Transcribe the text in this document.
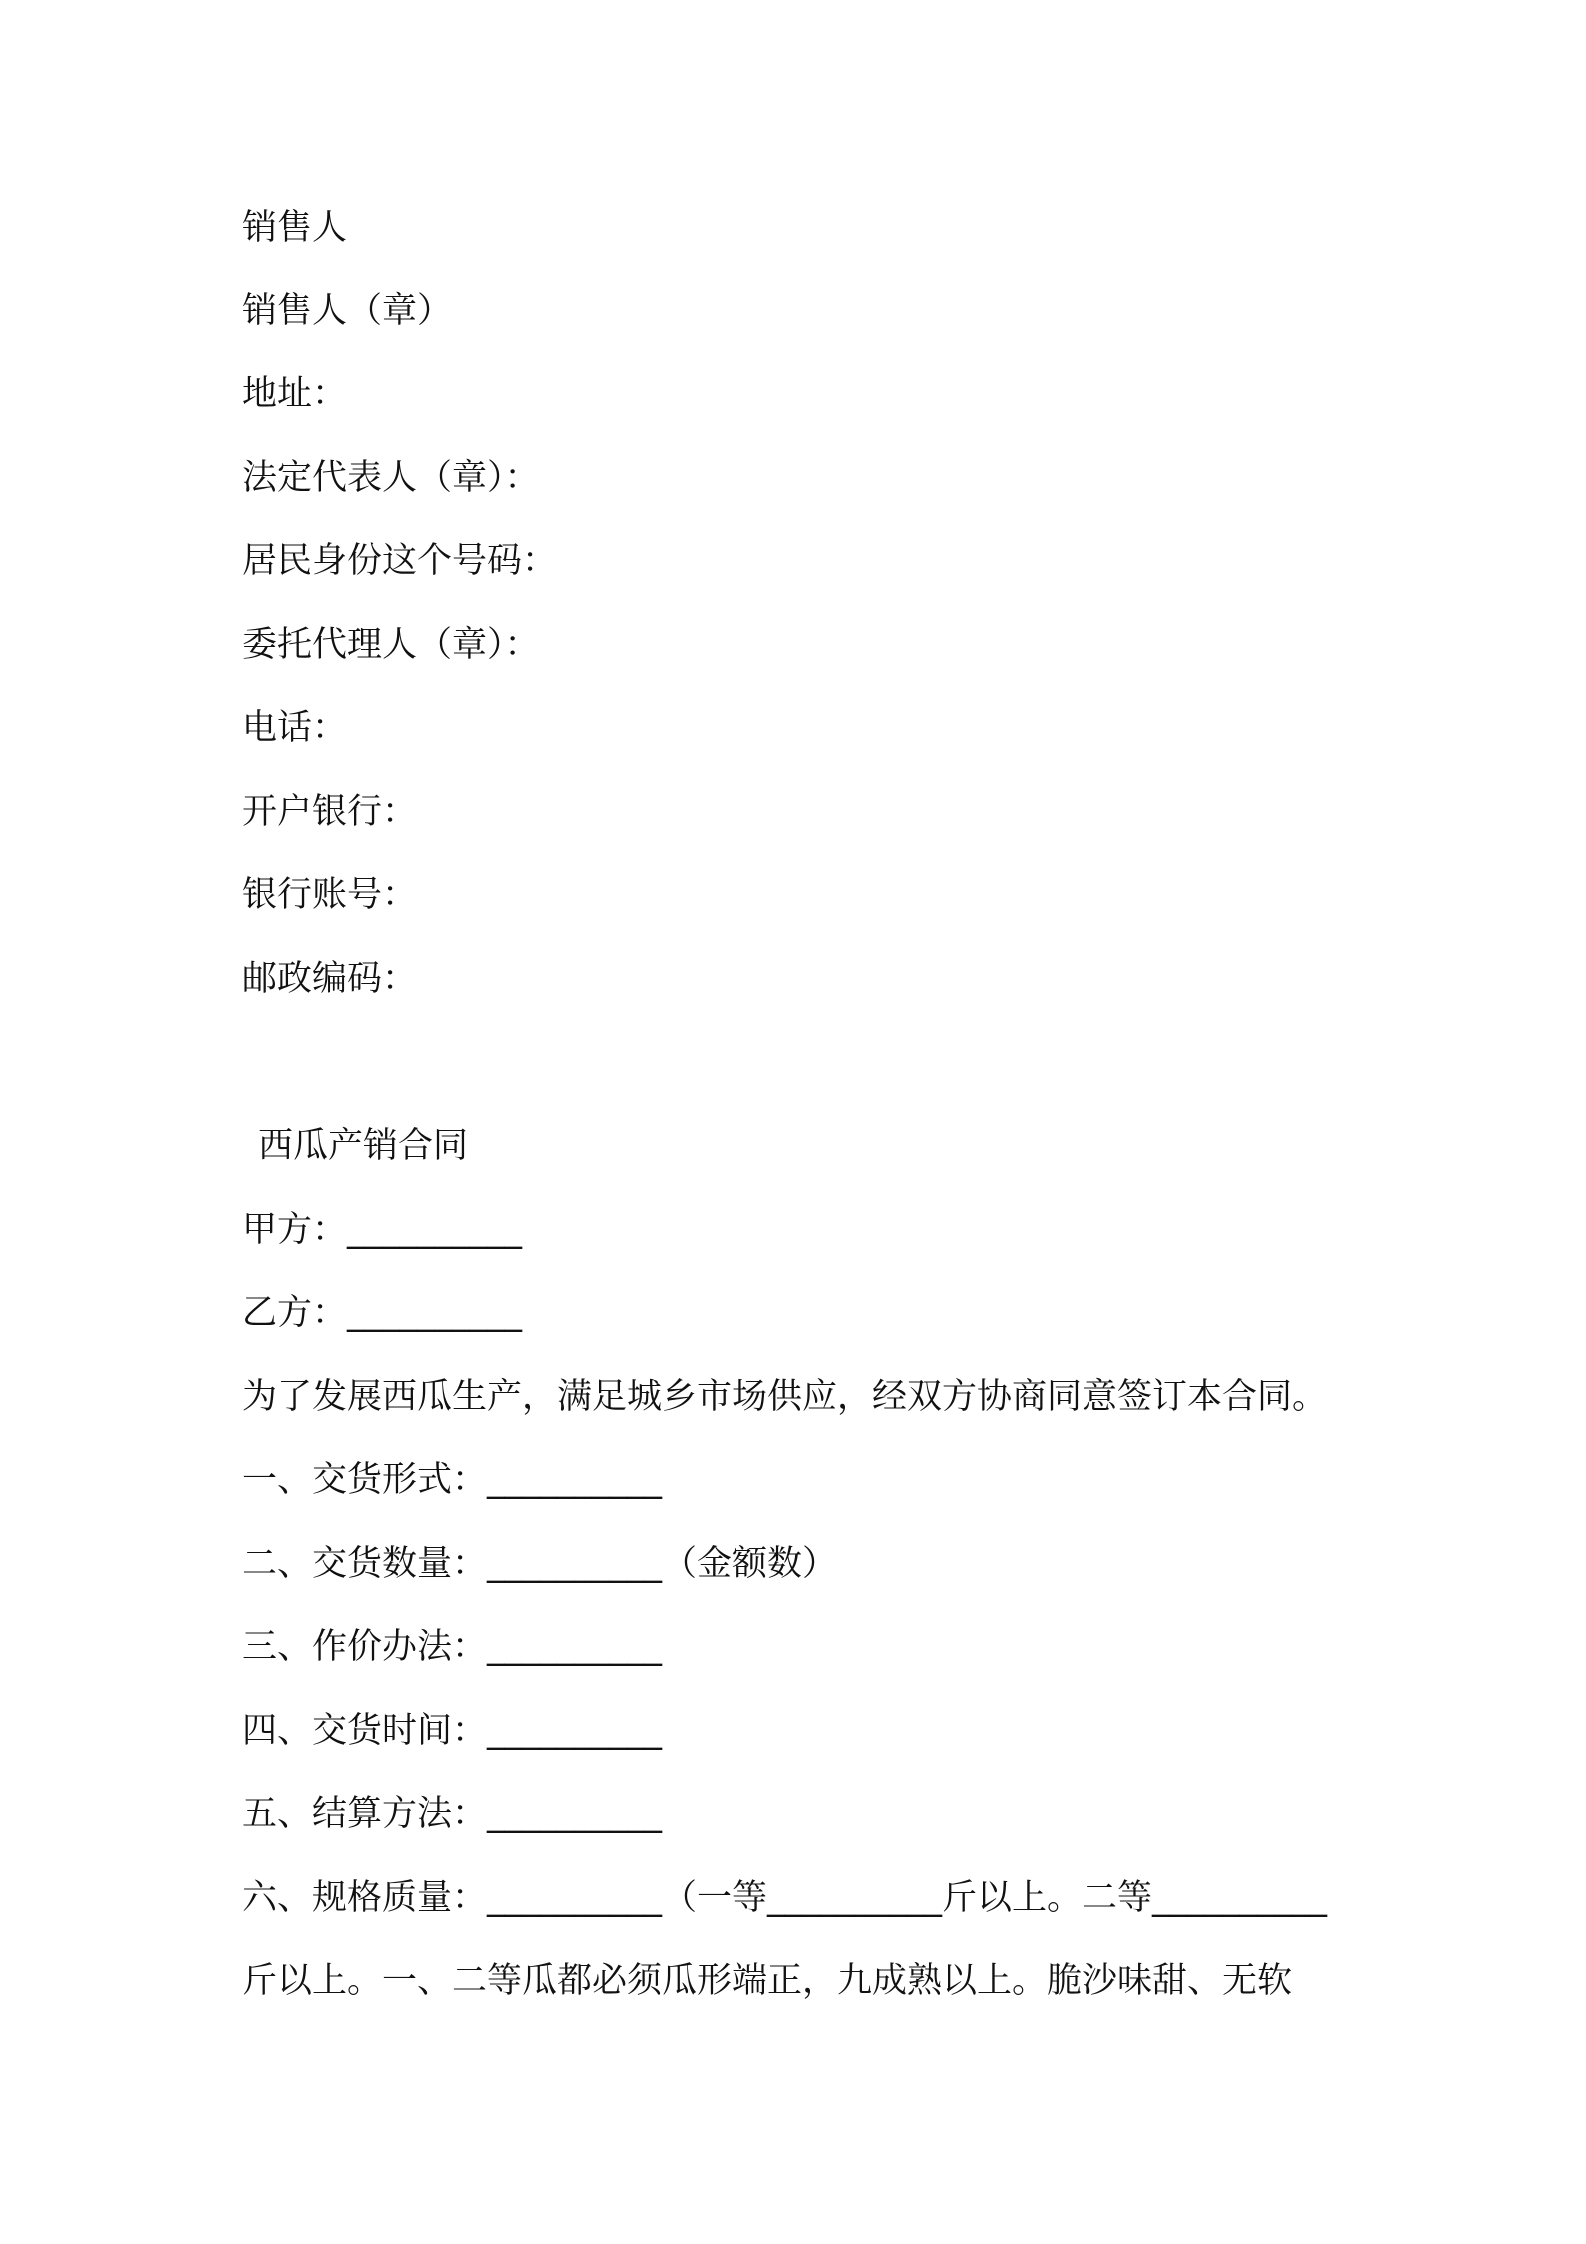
销售人
销售人（章）
地址：
法定代表人（章）：
居民身份这个号码：
委托代理人（章）：
电话：
开户银行：
银行账号：
邮政编码：
西瓜产销合同
甲方：__________
乙方：__________
为了发展西瓜生产，满足城乡市场供应，经双方协商同意签订本合同。
一、交货形式：__________
二、交货数量：__________（金额数）
三、作价办法：__________
四、交货时间：__________
五、结算方法：__________
六、规格质量：__________（一等__________斤以上。二等__________
斤以上。一、二等瓜都必须瓜形端正，九成熟以上。脆沙味甜、无软
